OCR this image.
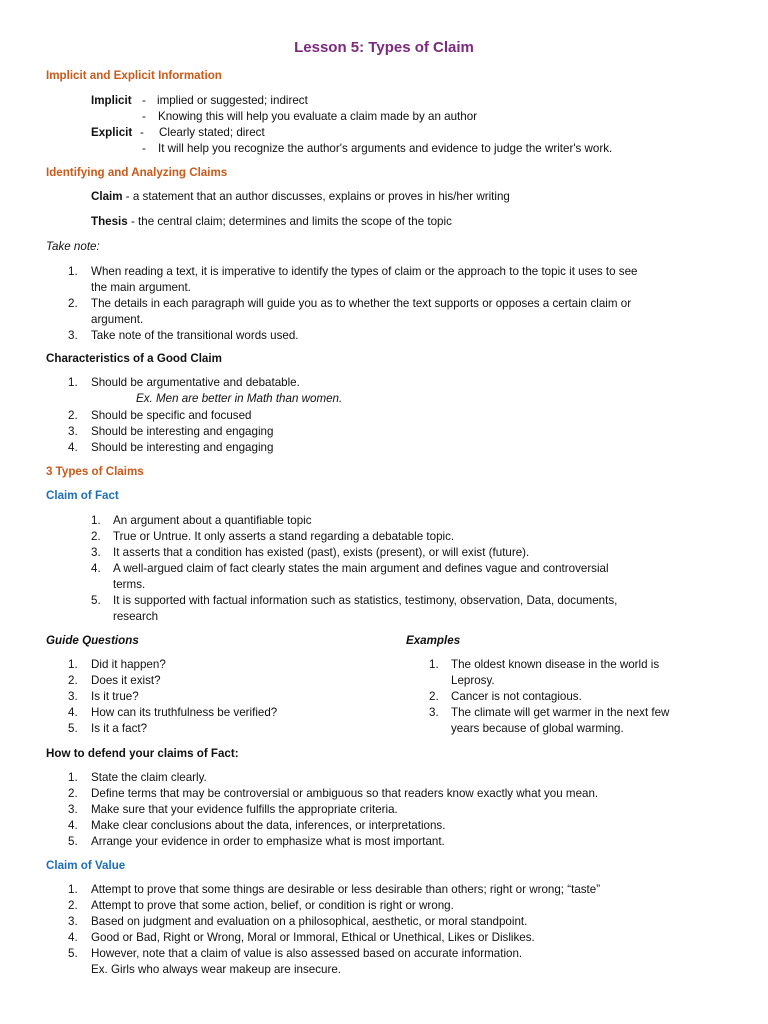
Lesson 5: Types of Claim
Implicit and Explicit Information
Implicit - implied or suggested; indirect
- Knowing this will help you evaluate a claim made by an author
Explicit - Clearly stated; direct
- It will help you recognize the author's arguments and evidence to judge the writer's work.
Identifying and Analyzing Claims
Claim - a statement that an author discusses, explains or proves in his/her writing
Thesis - the central claim; determines and limits the scope of the topic
Take note:
1. When reading a text, it is imperative to identify the types of claim or the approach to the topic it uses to see
the main argument.
2. The details in each paragraph will guide you as to whether the text supports or opposes a certain claim or
argument.
3. Take note of the transitional words used.
Characteristics of a Good Claim
1. Should be argumentative and debatable.
Ex. Men are better in Math than women.
2. Should be specific and focused
3. Should be interesting and engaging
4. Should be interesting and engaging
3 Types of Claims
Claim of Fact
1. An argument about a quantifiable topic
2. True or Untrue. It only asserts a stand regarding a debatable topic.
3. It asserts that a condition has existed (past), exists (present), or will exist (future).
4. A well-argued claim of fact clearly states the main argument and defines vague and controversial
terms.
5. It is supported with factual information such as statistics, testimony, observation, Data, documents,
research
Guide Questions	Examples
1. Did it happen?
2. Does it exist?
3. Is it true?
4. How can its truthfulness be verified?
5. Is it a fact?
1. The oldest known disease in the world is
Leprosy.
2. Cancer is not contagious.
3. The climate will get warmer in the next few
years because of global warming.
How to defend your claims of Fact:
1. State the claim clearly.
2. Define terms that may be controversial or ambiguous so that readers know exactly what you mean.
3. Make sure that your evidence fulfills the appropriate criteria.
4. Make clear conclusions about the data, inferences, or interpretations.
5. Arrange your evidence in order to emphasize what is most important.
Claim of Value
1. Attempt to prove that some things are desirable or less desirable than others; right or wrong; “taste”
2. Attempt to prove that some action, belief, or condition is right or wrong.
3. Based on judgment and evaluation on a philosophical, aesthetic, or moral standpoint.
4. Good or Bad, Right or Wrong, Moral or Immoral, Ethical or Unethical, Likes or Dislikes.
5. However, note that a claim of value is also assessed based on accurate information.
Ex. Girls who always wear makeup are insecure.
